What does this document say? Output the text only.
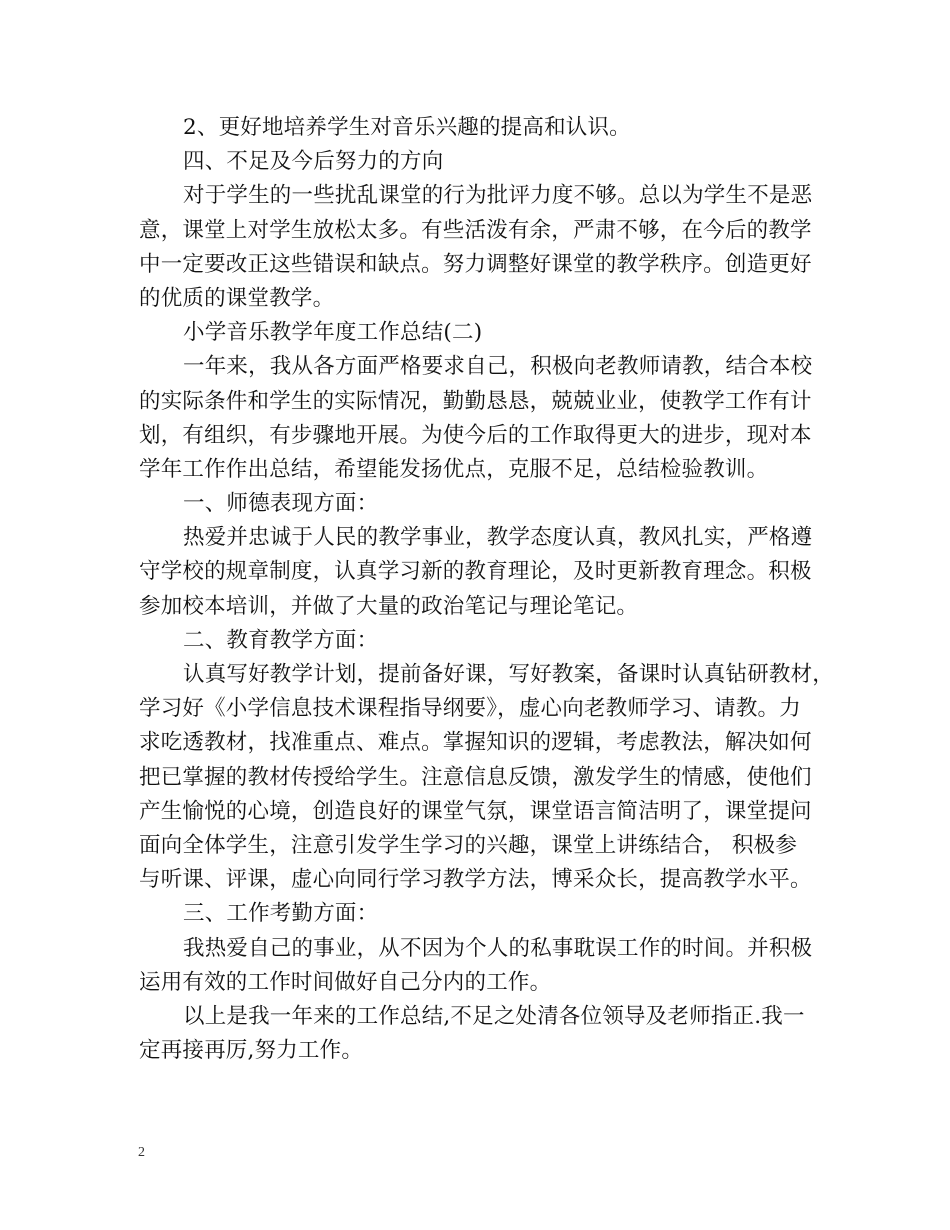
2、更好地培养学生对音乐兴趣的提高和认识。
四、不足及今后努力的方向
对于学生的一些扰乱课堂的行为批评力度不够。总以为学生不是恶
意，课堂上对学生放松太多。有些活泼有余，严肃不够，在今后的教学
中一定要改正这些错误和缺点。努力调整好课堂的教学秩序。创造更好
的优质的课堂教学。
小学音乐教学年度工作总结(二)
一年来，我从各方面严格要求自己，积极向老教师请教，结合本校
的实际条件和学生的实际情况，勤勤恳恳，兢兢业业，使教学工作有计
划，有组织，有步骤地开展。为使今后的工作取得更大的进步，现对本
学年工作作出总结，希望能发扬优点，克服不足，总结检验教训。
一、师德表现方面：
热爱并忠诚于人民的教学事业，教学态度认真，教风扎实，严格遵
守学校的规章制度，认真学习新的教育理论，及时更新教育理念。积极
参加校本培训，并做了大量的政治笔记与理论笔记。
二、教育教学方面：
认真写好教学计划，提前备好课，写好教案，备课时认真钻研教材，
学习好《小学信息技术课程指导纲要》，虚心向老教师学习、请教。力
求吃透教材，找准重点、难点。掌握知识的逻辑，考虑教法，解决如何
把已掌握的教材传授给学生。注意信息反馈，激发学生的情感，使他们
产生愉悦的心境，创造良好的课堂气氛，课堂语言简洁明了，课堂提问
面向全体学生，注意引发学生学习的兴趣，课堂上讲练结合， 积极参
与听课、评课，虚心向同行学习教学方法，博采众长，提高教学水平。
三、工作考勤方面：
我热爱自己的事业，从不因为个人的私事耽误工作的时间。并积极
运用有效的工作时间做好自己分内的工作。
以上是我一年来的工作总结,不足之处清各位领导及老师指正.我一
定再接再厉,努力工作。
2
